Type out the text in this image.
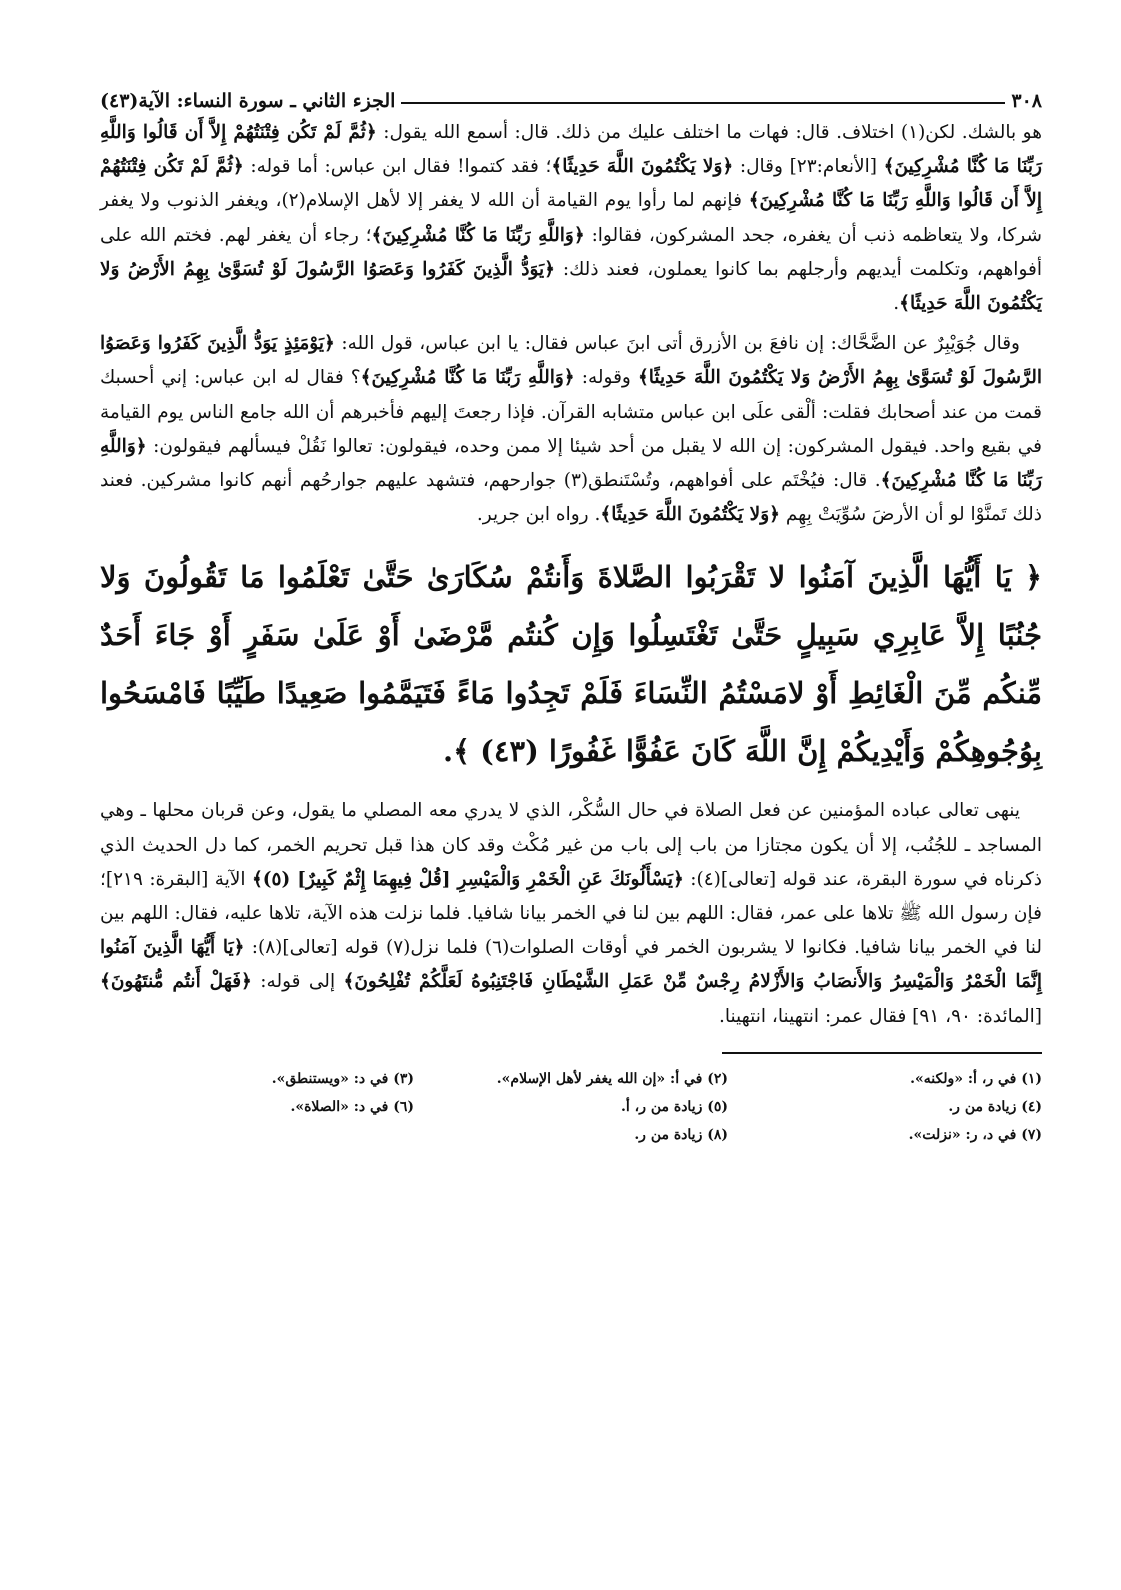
٣٠٨
الجزء الثاني ـ سورة النساء: الآية(٤٣)

هو بالشك. لكن(١) اختلاف. قال: فهات ما اختلف عليك من ذلك. قال: أسمع الله يقول: ﴿ثُمَّ لَمْ تَكُن فِتْنَتُهُمْ إِلاَّ أَن قَالُوا وَاللَّهِ رَبِّنَا مَا كُنَّا مُشْرِكِينَ﴾ [الأنعام:٢٣] وقال: ﴿وَلا يَكْتُمُونَ اللَّهَ حَدِيثًا﴾؛ فقد كتموا! فقال ابن عباس: أما قوله: ﴿ثُمَّ لَمْ تَكُن فِتْنَتُهُمْ إِلاَّ أَن قَالُوا وَاللَّهِ رَبِّنَا مَا كُنَّا مُشْرِكِينَ﴾ فإنهم لما رأوا يوم القيامة أن الله لا يغفر إلا لأهل الإسلام(٢)، ويغفر الذنوب ولا يغفر شركا، ولا يتعاظمه ذنب أن يغفره، جحد المشركون، فقالوا: ﴿وَاللَّهِ رَبِّنَا مَا كُنَّا مُشْرِكِينَ﴾؛ رجاء أن يغفر لهم. فختم الله على أفواههم، وتكلمت أيديهم وأرجلهم بما كانوا يعملون، فعند ذلك: ﴿يَوَدُّ الَّذِينَ كَفَرُوا وَعَصَوُا الرَّسُولَ لَوْ تُسَوَّىٰ بِهِمُ الأَرْضُ وَلا يَكْتُمُونَ اللَّهَ حَدِيثًا﴾.

وقال جُوَيْبِرٌ عن الضَّحَّاك: إن نافعَ بن الأزرق أتى ابنَ عباس فقال: يا ابن عباس، قول الله: ﴿يَوْمَئِذٍ يَوَدُّ الَّذِينَ كَفَرُوا وَعَصَوُا الرَّسُولَ لَوْ تُسَوَّىٰ بِهِمُ الأَرْضُ وَلا يَكْتُمُونَ اللَّهَ حَدِيثًا﴾ وقوله: ﴿وَاللَّهِ رَبِّنَا مَا كُنَّا مُشْرِكِينَ﴾؟ فقال له ابن عباس: إني أحسبك قمت من عند أصحابك فقلت: ألْقى علَى ابن عباس متشابه القرآن. فإذا رجعتَ إليهم فأخبرهم أن الله جامع الناس يوم القيامة في بقيع واحد. فيقول المشركون: إن الله لا يقبل من أحد شيئا إلا ممن وحده، فيقولون: تعالوا نَقُلْ فيسألهم فيقولون: ﴿وَاللَّهِ رَبِّنَا مَا كُنَّا مُشْرِكِينَ﴾. قال: فيُخْتَم على أفواههم، وتُسْتَنطق(٣) جوارحهم، فتشهد عليهم جوارحُهم أنهم كانوا مشركين. فعند ذلك تَمنَّوْا لو أن الأرضَ سُوِّيَتْ بِهِم ﴿وَلا يَكْتُمُونَ اللَّهَ حَدِيثًا﴾. رواه ابن جرير.

﴿ يَا أَيُّهَا الَّذِينَ آمَنُوا لا تَقْرَبُوا الصَّلاةَ وَأَنتُمْ سُكَارَىٰ حَتَّىٰ تَعْلَمُوا مَا تَقُولُونَ وَلا جُنُبًا إِلاَّ عَابِرِي سَبِيلٍ حَتَّىٰ تَغْتَسِلُوا وَإِن كُنتُم مَّرْضَىٰ أَوْ عَلَىٰ سَفَرٍ أَوْ جَاءَ أَحَدٌ مِّنكُم مِّنَ الْغَائِطِ أَوْ لامَسْتُمُ النِّسَاءَ فَلَمْ تَجِدُوا مَاءً فَتَيَمَّمُوا صَعِيدًا طَيِّبًا فَامْسَحُوا بِوُجُوهِكُمْ وَأَيْدِيكُمْ إِنَّ اللَّهَ كَانَ عَفُوًّا غَفُورًا (٤٣) ﴾.

ينهى تعالى عباده المؤمنين عن فعل الصلاة في حال السُّكْر، الذي لا يدري معه المصلي ما يقول، وعن قربان محلها ـ وهي المساجد ـ للجُنُب، إلا أن يكون مجتازا من باب إلى باب من غير مُكْث وقد كان هذا قبل تحريم الخمر، كما دل الحديث الذي ذكرناه في سورة البقرة، عند قوله [تعالى](٤): ﴿يَسْأَلُونَكَ عَنِ الْخَمْرِ وَالْمَيْسِرِ [قُلْ فِيهِمَا إِثْمٌ كَبِيرٌ] (٥)﴾ الآية [البقرة: ٢١٩]؛ فإن رسول الله ﷺ تلاها على عمر، فقال: اللهم بين لنا في الخمر بيانا شافيا. فلما نزلت هذه الآية، تلاها عليه، فقال: اللهم بين لنا في الخمر بيانا شافيا. فكانوا لا يشربون الخمر في أوقات الصلوات(٦) فلما نزل(٧) قوله [تعالى](٨): ﴿يَا أَيُّهَا الَّذِينَ آمَنُوا إِنَّمَا الْخَمْرُ وَالْمَيْسِرُ وَالأَنصَابُ وَالأَزْلامُ رِجْسٌ مِّنْ عَمَلِ الشَّيْطَانِ فَاجْتَنِبُوهُ لَعَلَّكُمْ تُفْلِحُونَ﴾ إلى قوله: ﴿فَهَلْ أَنتُم مُّنتَهُونَ﴾[المائدة: ٩٠، ٩١] فقال عمر: انتهينا، انتهينا.

(١) في ر، أ: «ولكنه».
(٢) في أ: «إن الله يغفر لأهل الإسلام».
(٣) في د: «ويستنطق».
(٤) زيادة من ر.
(٥) زيادة من ر، أ.
(٦) في د: «الصلاة».
(٧) في د، ر: «نزلت».
(٨) زيادة من ر.
